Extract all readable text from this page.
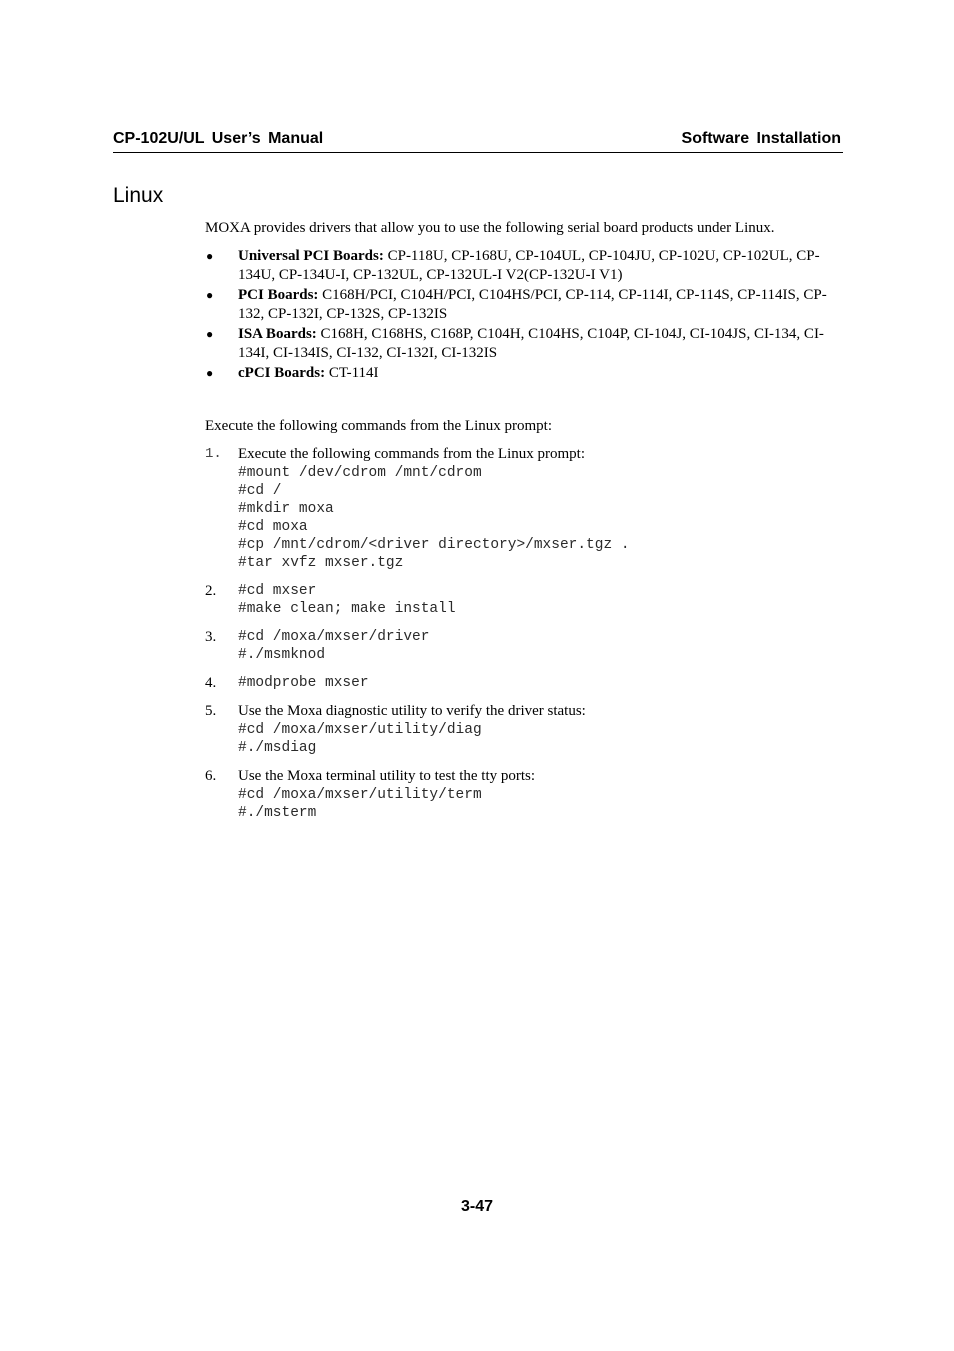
CP-102U/UL User’s Manual	Software Installation
Linux
MOXA provides drivers that allow you to use the following serial board products under Linux.
● Universal PCI Boards: CP-118U, CP-168U, CP-104UL, CP-104JU, CP-102U, CP-102UL, CP-134U, CP-134U-I, CP-132UL, CP-132UL-I V2(CP-132U-I V1)
● PCI Boards: C168H/PCI, C104H/PCI, C104HS/PCI, CP-114, CP-114I, CP-114S, CP-114IS, CP-132, CP-132I, CP-132S, CP-132IS
● ISA Boards: C168H, C168HS, C168P, C104H, C104HS, C104P, CI-104J, CI-104JS, CI-134, CI-134I, CI-134IS, CI-132, CI-132I, CI-132IS
● cPCI Boards: CT-114I
Execute the following commands from the Linux prompt:
1. Execute the following commands from the Linux prompt:
#mount /dev/cdrom /mnt/cdrom
#cd /
#mkdir moxa
#cd moxa
#cp /mnt/cdrom/<driver directory>/mxser.tgz .
#tar xvfz mxser.tgz
2. #cd mxser
#make clean; make install
3. #cd /moxa/mxser/driver
#./msmknod
4. #modprobe mxser
5. Use the Moxa diagnostic utility to verify the driver status:
#cd /moxa/mxser/utility/diag
#./msdiag
6. Use the Moxa terminal utility to test the tty ports:
#cd /moxa/mxser/utility/term
#./msterm
3-47
